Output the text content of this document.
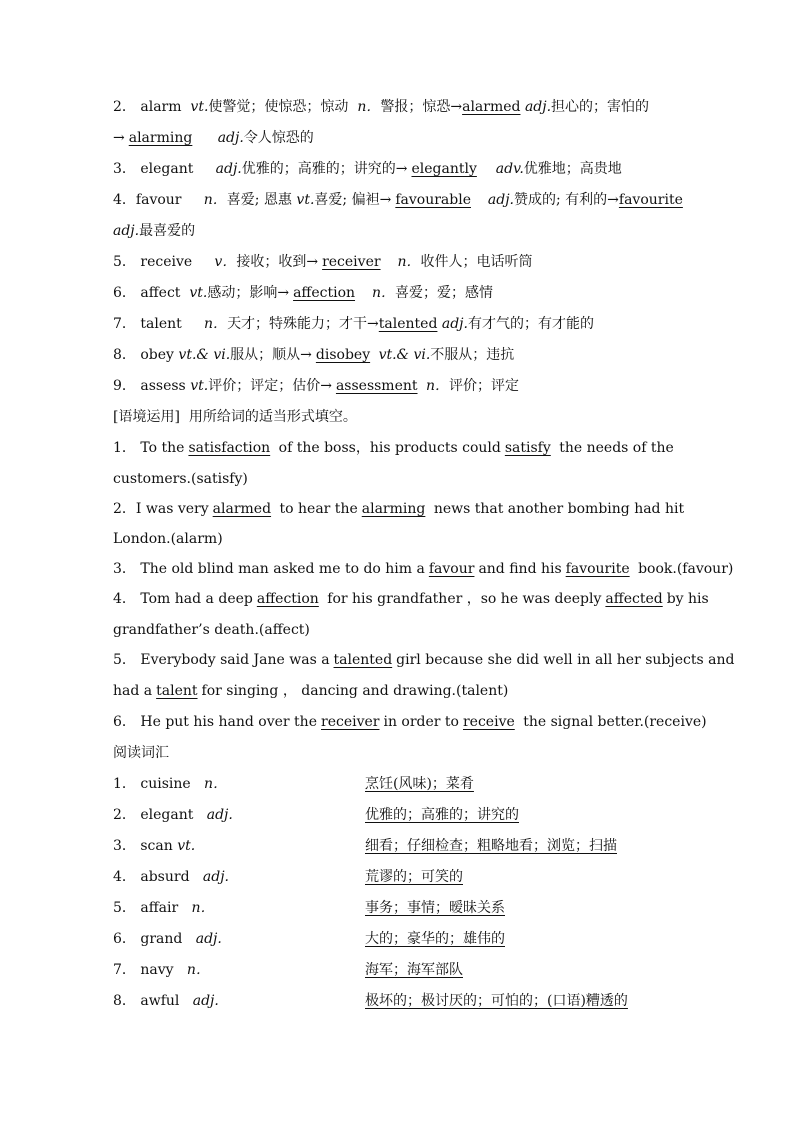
2．
alarm
vt. 使警觉；使惊恐；惊动
n． 警报；惊恐→ alarmed
adj. 担心的；害怕的
→ alarming
	adj. 令人惊恐的
3．
elegant
adj. 优雅的；高雅的；讲究的→ elegantly
	adv. 优雅地；高贵地
4． favour
n． 喜爱; 恩惠
vt. 喜爱; 偏袒→ favourable
	adj. 赞成的; 有利的→ favourite
adj. 最喜爱的
5．
receive
v． 接收；收到→ receiver
	n． 收件人；电话听筒
6．
affect
vt. 感动；影响→ affection
	n． 喜爱；爱；感情
7．
talent
n． 天才；特殊能力；才干→ talented
adj. 有才气的；有才能的
8．
obey
vt.& vi. 服从；顺从→ disobey
vt.& vi. 不服从；违抗
9．
assess
vt. 评价；评定；估价→ assessment
n． 评价；评定
[语境运用]
用所给词的适当形式填空。
1．
To the satisfaction
of the boss，his products could satisfy
the needs of the
customers.(satisfy)
2． I was very alarmed
to hear the alarming
news that another bombing had hit
London.(alarm)
3．
The old blind man asked me to do him a favour and find his favourite
book.(favour)
4．
Tom had a deep affection
for his grandfather ，so he was deeply affected by his
grandfather’s death.(affect)
5．
Everybody said Jane was a talented girl because she did well in all her subjects and
had a talent for singing ， dancing and drawing.(talent)
6．
He put his hand over the receiver in order to receive
the signal better.(receive)
阅读词汇
1． cuisine n．	烹饪(风味)；菜肴
2． elegant adj.	优雅的；高雅的；讲究的
3． scan vt.	细看；仔细检查；粗略地看；浏览；扫描
4． absurd adj.	荒谬的；可笑的
5． affair n．	事务；事情；暧昧关系
6． grand adj.	大的；豪华的；雄伟的
7． navy n．	海军；海军部队
8． awful adj.	极坏的；极讨厌的；可怕的；(口语)糟透的
